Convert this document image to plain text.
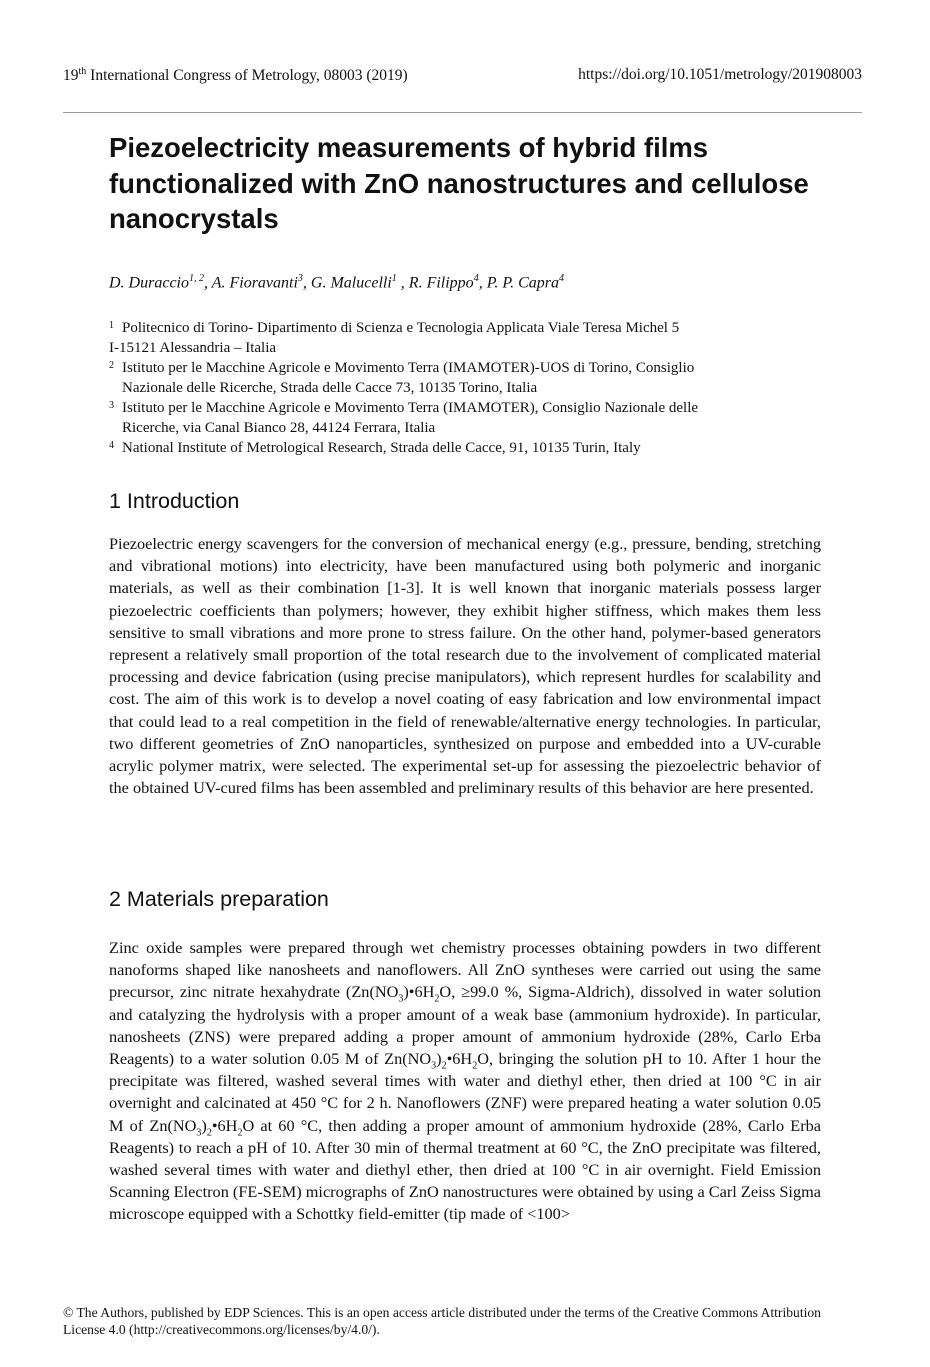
19th International Congress of Metrology, 08003 (2019)	https://doi.org/10.1051/metrology/201908003
Piezoelectricity measurements of hybrid films functionalized with ZnO nanostructures and cellulose nanocrystals
D. Duraccio$^{1, 2}$, A. Fioravanti$^3$, G. Malucelli$^1$ , R. Filippo$^4$, P. P. Capra$^4$
1 Politecnico di Torino- Dipartimento di Scienza e Tecnologia Applicata Viale Teresa Michel 5
I-15121 Alessandria – Italia
2 Istituto per le Macchine Agricole e Movimento Terra (IMAMOTER)-UOS di Torino, Consiglio
Nazionale delle Ricerche, Strada delle Cacce 73, 10135 Torino, Italia
3 Istituto per le Macchine Agricole e Movimento Terra (IMAMOTER), Consiglio Nazionale delle
Ricerche, via Canal Bianco 28, 44124 Ferrara, Italia
4 National Institute of Metrological Research, Strada delle Cacce, 91, 10135 Turin, Italy
1 Introduction

Piezoelectric energy scavengers for the conversion of mechanical energy (e.g., pressure, bending, stretching and vibrational motions) into electricity, have been manufactured using both polymeric and inorganic materials, as well as their combination [1-3]. It is well known that inorganic materials possess larger piezoelectric coefficients than polymers; however, they exhibit higher stiffness, which makes them less sensitive to small vibrations and more prone to stress failure. On the other hand, polymer-based generators represent a relatively small proportion of the total research due to the involvement of complicated material processing and device fabrication (using precise manipulators), which represent hurdles for scalability and cost. The aim of this work is to develop a novel coating of easy fabrication and low environmental impact that could lead to a real competition in the field of renewable/alternative energy technologies. In particular, two different geometries of ZnO nanoparticles, synthesized on purpose and embedded into a UV-curable acrylic polymer matrix, were selected. The experimental set-up for assessing the piezoelectric behavior of the obtained UV-cured films has been assembled and preliminary results of this behavior are here presented.

2 Materials preparation

Zinc oxide samples were prepared through wet chemistry processes obtaining powders in two different nanoforms shaped like nanosheets and nanoflowers. All ZnO syntheses were carried out using the same precursor, zinc nitrate hexahydrate ($Zn(NO_3)•6H_2O$, ≥99.0 %, Sigma-Aldrich), dissolved in water solution and catalyzing the hydrolysis with a proper amount of a weak base (ammonium hydroxide). In particular, nanosheets (ZNS) were prepared adding a proper amount of ammonium hydroxide (28%, Carlo Erba Reagents) to a water solution 0.05 M of $Zn(NO_3)_2•6H_2O$, bringing the solution pH to 10. After 1 hour the precipitate was filtered, washed several times with water and diethyl ether, then dried at 100 °C in air overnight and calcinated at 450 °C for 2 h. Nanoflowers (ZNF) were prepared heating a water solution 0.05 M of $Zn(NO_3)_2•6H_2O$ at 60 °C, then adding a proper amount of ammonium hydroxide (28%, Carlo Erba Reagents) to reach a pH of 10. After 30 min of thermal treatment at 60 °C, the ZnO precipitate was filtered, washed several times with water and diethyl ether, then dried at 100 °C in air overnight. Field Emission Scanning Electron (FE-SEM) micrographs of ZnO nanostructures were obtained by using a Carl Zeiss Sigma microscope equipped with a Schottky field-emitter (tip made of <100>

© The Authors, published by EDP Sciences. This is an open access article distributed under the terms of the Creative Commons Attribution License 4.0 (http://creativecommons.org/licenses/by/4.0/).
